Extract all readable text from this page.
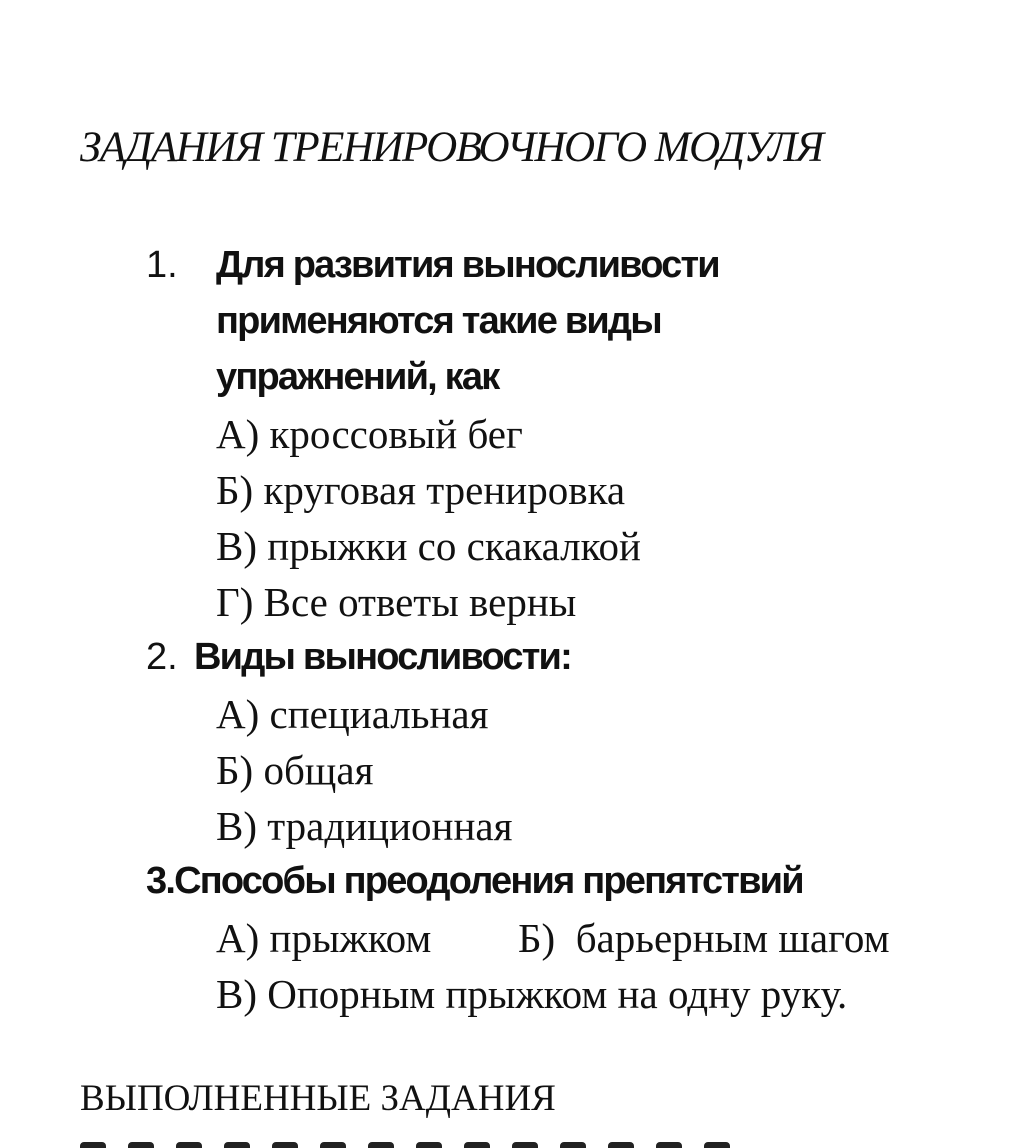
ЗАДАНИЯ ТРЕНИРОВОЧНОГО МОДУЛЯ
1. Для развития выносливости
применяются такие виды
упражнений, как
А) кроссовый бег
Б) круговая тренировка
В) прыжки со скакалкой
Г) Все ответы верны
2. Виды выносливости:
А) специальная
Б) общая
В) традиционная
3.Способы преодоления препятствий
А) прыжком Б)  барьерным шагом
В) Опорным прыжком на одну руку.
ВЫПОЛНЕННЫЕ ЗАДАНИЯ
